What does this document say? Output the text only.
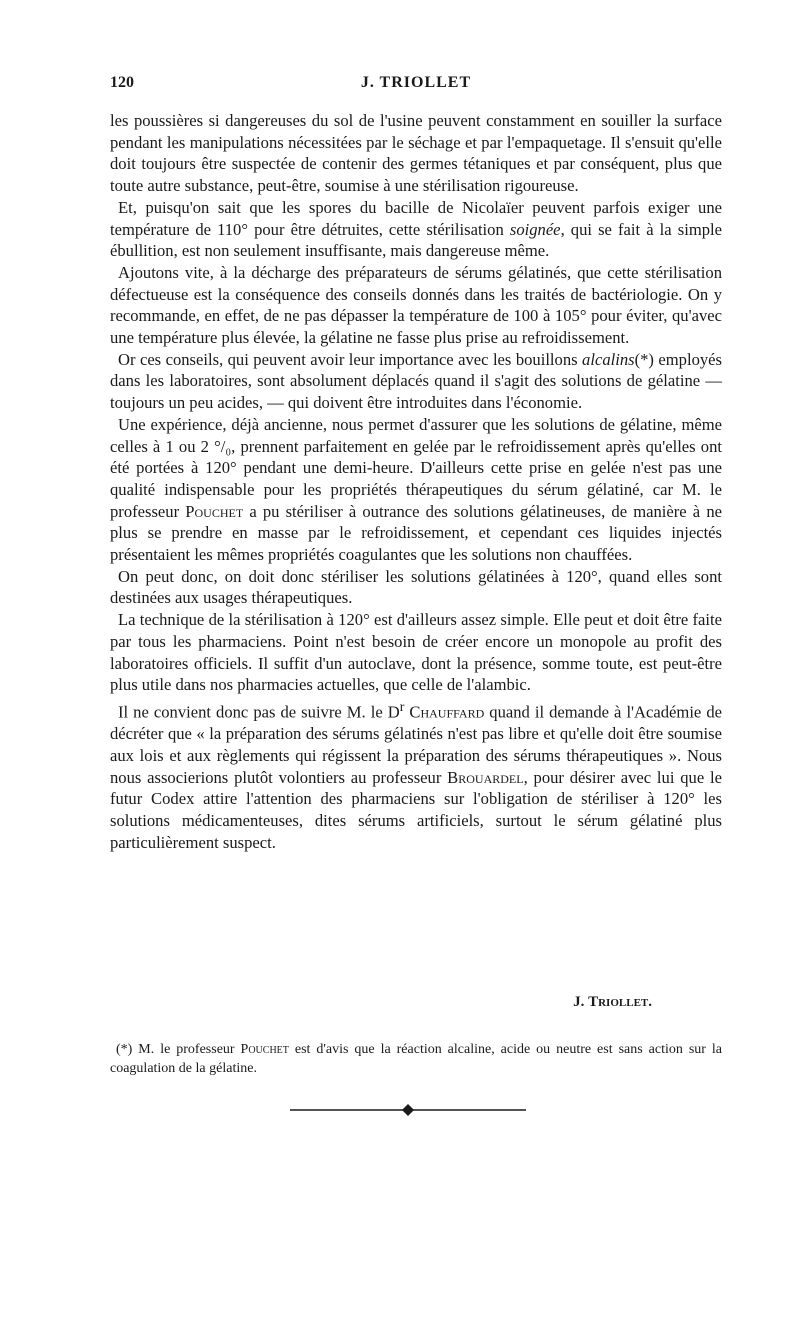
120	J. TRIOLLET

les poussières si dangereuses du sol de l'usine peuvent constamment en souiller la surface pendant les manipulations nécessitées par le séchage et par l'empaquetage. Il s'ensuit qu'elle doit toujours être suspectée de contenir des germes tétaniques et par conséquent, plus que toute autre substance, peut-être, soumise à une stérilisation rigoureuse.

Et, puisqu'on sait que les spores du bacille de Nicolaïer peuvent parfois exiger une température de 110° pour être détruites, cette stérilisation soignée, qui se fait à la simple ébullition, est non seulement insuffisante, mais dangereuse même.

Ajoutons vite, à la décharge des préparateurs de sérums gélatinés, que cette stérilisation défectueuse est la conséquence des conseils donnés dans les traités de bactériologie. On y recommande, en effet, de ne pas dépasser la température de 100 à 105° pour éviter, qu'avec une température plus élevée, la gélatine ne fasse plus prise au refroidissement.

Or ces conseils, qui peuvent avoir leur importance avec les bouillons alcalins(*) employés dans les laboratoires, sont absolument déplacés quand il s'agit des solutions de gélatine — toujours un peu acides, — qui doivent être introduites dans l'économie.

Une expérience, déjà ancienne, nous permet d'assurer que les solutions de gélatine, même celles à 1 ou 2 °/₀, prennent parfaitement en gelée par le refroidissement après qu'elles ont été portées à 120° pendant une demi-heure. D'ailleurs cette prise en gelée n'est pas une qualité indispensable pour les propriétés thérapeutiques du sérum gélatiné, car M. le professeur Pouchet a pu stériliser à outrance des solutions gélatineuses, de manière à ne plus se prendre en masse par le refroidissement, et cependant ces liquides injectés présentaient les mêmes propriétés coagulantes que les solutions non chauffées.

On peut donc, on doit donc stériliser les solutions gélatinées à 120°, quand elles sont destinées aux usages thérapeutiques.

La technique de la stérilisation à 120° est d'ailleurs assez simple. Elle peut et doit être faite par tous les pharmaciens. Point n'est besoin de créer encore un monopole au profit des laboratoires officiels. Il suffit d'un autoclave, dont la présence, somme toute, est peut-être plus utile dans nos pharmacies actuelles, que celle de l'alambic.

Il ne convient donc pas de suivre M. le $D^r$ Chauffard quand il demande à l'Académie de décréter que « la préparation des sérums gélatinés n'est pas libre et qu'elle doit être soumise aux lois et aux règlements qui régissent la préparation des sérums thérapeutiques ». Nous nous associerions plutôt volontiers au professeur Brouardel, pour désirer avec lui que le futur Codex attire l'attention des pharmaciens sur l'obligation de stériliser à 120° les solutions médicamenteuses, dites sérums artificiels, surtout le sérum gélatiné plus particulièrement suspect.

J. Triollet.

(*) M. le professeur Pouchet est d'avis que la réaction alcaline, acide ou neutre est sans action sur la coagulation de la gélatine.
